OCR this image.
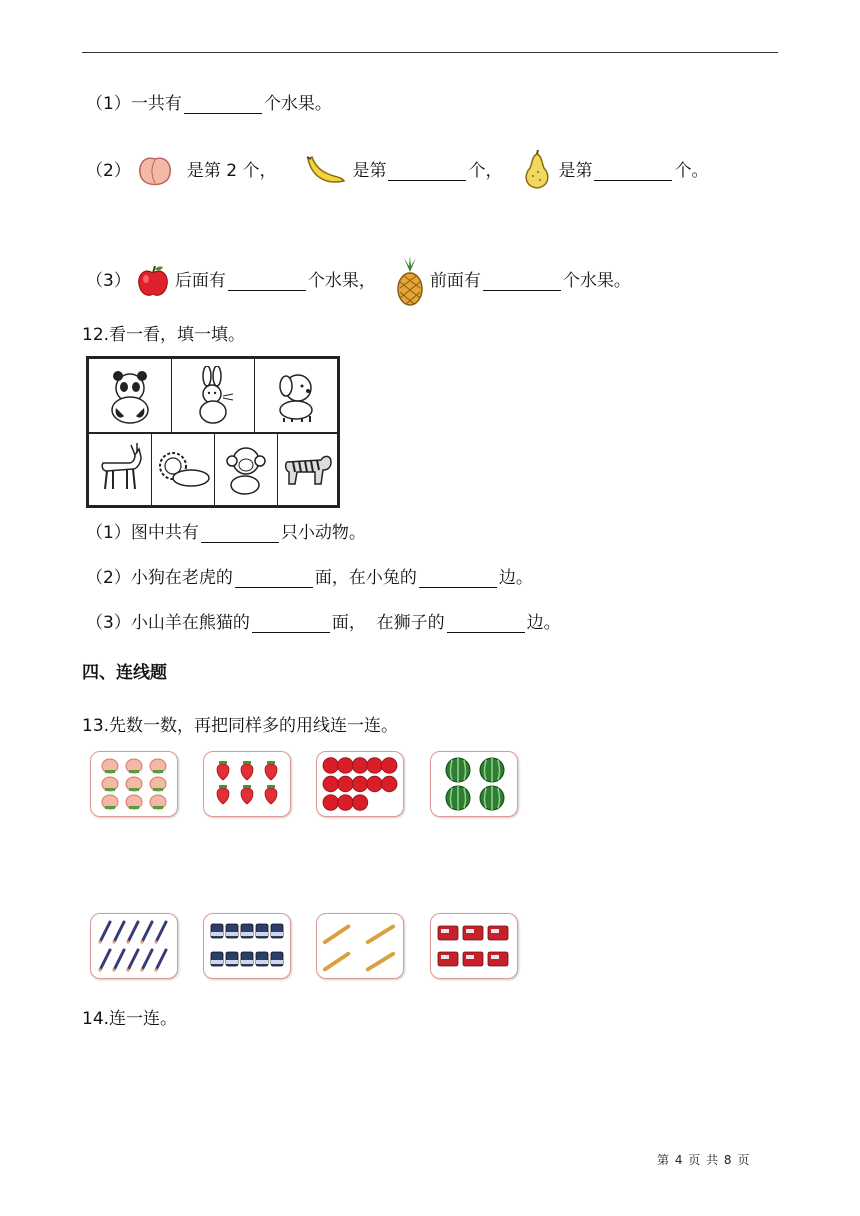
（1）一共有	个水果。
（2）	是第 2 个，	是第	个，	是第	个。
（3）	后面有	个水果，	前面有	个水果。
12.看一看，填一填。
（1）图中共有	只小动物。
（2）小狗在老虎的	面，在小兔的	边。
（3）小山羊在熊猫的	面，  在狮子的	边。
四、连线题
13.先数一数，再把同样多的用线连一连。
14.连一连。
第 4 页 共 8 页
